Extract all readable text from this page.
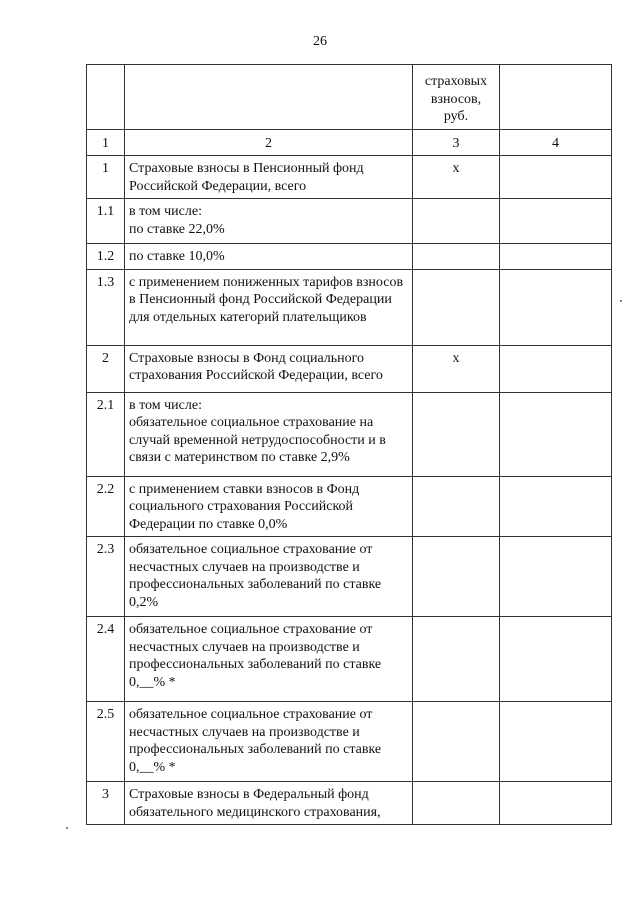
26
		страховых взносов, руб.	
1	2	3	4
1	Страховые взносы в Пенсионный фонд Российской Федерации, всего	x	
1.1	в том числе:
по ставке 22,0%		
1.2	по ставке 10,0%		
1.3	с применением пониженных тарифов взносов в Пенсионный фонд Российской Федерации для отдельных категорий плательщиков		
2	Страховые взносы в Фонд социального страхования Российской Федерации, всего	x	
2.1	в том числе:
обязательное социальное страхование на случай временной нетрудоспособности и в связи с материнством по ставке 2,9%		
2.2	с применением ставки взносов в Фонд социального страхования Российской Федерации по ставке 0,0%		
2.3	обязательное социальное страхование от несчастных случаев на производстве и профессиональных заболеваний по ставке 0,2%		
2.4	обязательное социальное страхование от несчастных случаев на производстве и профессиональных заболеваний по ставке 0,__% *		
2.5	обязательное социальное страхование от несчастных случаев на производстве и профессиональных заболеваний по ставке 0,__% *		
3	Страховые взносы в Федеральный фонд обязательного медицинского страхования,		
